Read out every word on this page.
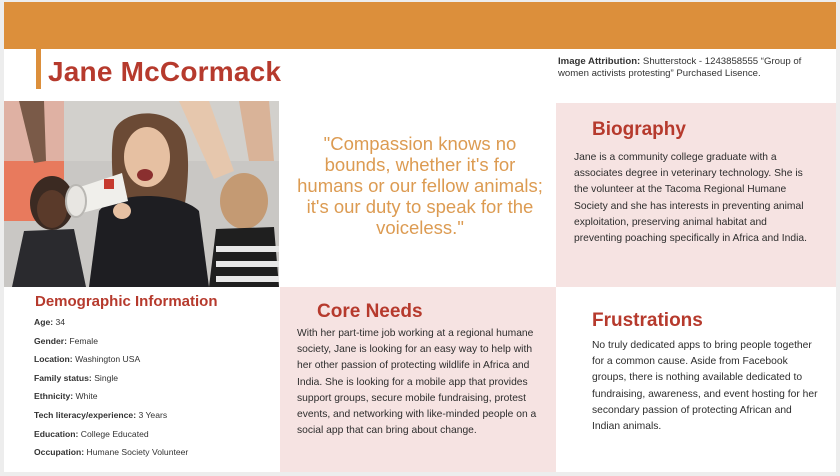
Jane McCormack	Image Attribution: Shutterstock - 1243858555 “Group of women activists protesting” Purchased Lisence.
"Compassion knows no bounds, whether it's for humans or our fellow animals; it's our duty to speak for the voiceless."
Biography
Jane is a community college graduate with a associates degree in veterinary technology. She is the volunteer at the Tacoma Regional Humane Society and she has interests in preventing animal exploitation, preserving animal habitat and preventing poaching specifically in Africa and India.
Demographic Information
Age: 34
Gender: Female
Location: Washington USA
Family status: Single
Ethnicity: White
Tech literacy/experience: 3 Years
Education: College Educated
Occupation: Humane Society Volunteer
Core Needs
With her part-time job working at a regional humane society, Jane is looking for an easy way to help with her other passion of protecting wildlife in Africa and India. She is looking for a mobile app that provides support groups, secure mobile fundraising, protest events, and networking with like-minded people on a social app that can bring about change.
Frustrations
No truly dedicated apps to bring people together for a common cause. Aside from Facebook groups, there is nothing available dedicated to fundraising, awareness, and event hosting for her secondary passion of protecting African and Indian animals.
